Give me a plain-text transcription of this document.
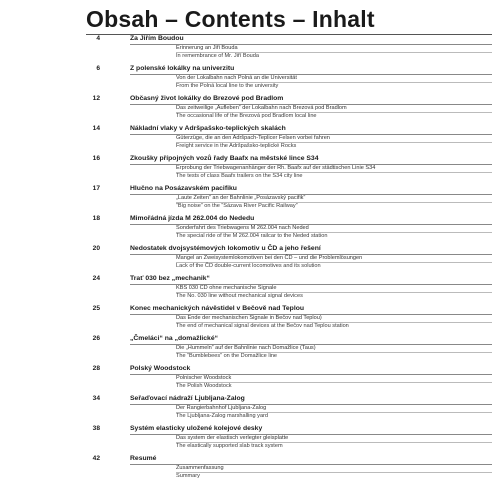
Obsah – Contents – Inhalt
4	Za Jiřím Boudou
Erinnerung an Jiři Bouda
In remembrance of Mr. Jiří Bouda
6	Z polenské lokálky na univerzitu
Von der Lokalbahn nach Polná an die Universität
From the Polná local line to the university
12	Občasný život lokálky do Brezové pod Bradlom
Das zeitweilige „Aufleben“ der Lokalbahn nach Brezová pod Bradlom
The occasional life of the Brezová pod Bradlom local line
14	Nákladní vlaky v Adršpašsko-teplických skalách
Güterzüge, die an den Adršpach-Teplicer Felsen vorbei fahren
Freight service in the Adršpašsko-teplické Rocks
16	Zkoušky přípojných vozů řady Baafx na městské lince S34
Erprobung der Triebwagenanhänger der Rh. Baafx auf der städtischen Linie S34
The tests of class Baafx trailers on the S34 city line
17	Hlučno na Posázavském pacifiku
„Laute Zeiten“ an der Bahnlinie „Posázavský pacifik“
“Big noise” on the “Sázava River Pacific Railway”
18	Mimořádná jízda M 262.004 do Nededu
Sonderfahrt des Triebwagens M 262.004 nach Neded
The special ride of the M 262.004 railcar to the Neded station
20	Nedostatek dvojsystémových lokomotiv u ČD a jeho řešení
Mangel an Zweisystemlokomotiven bei den ČD – und die Problemlösungen
Lack of the ČD double-current locomotives and its solution
24	Trať 030 bez „mechanik“
KBS 030 CD ohne mechanische Signale
The No. 030 line without mechanical signal devices
25	Konec mechanických návěstidel v Bečově nad Teplou
Das Ende der mechanischen Signale in Bečov nad Teplou)
The end of mechanical signal devices at the Bečov nad Teplou station
26	„Čmeláci“ na „domažlické“
Die „Hummeln“ auf der Bahnlinie nach Domažlice (Taus)
The “Bumblebees” on the Domažlice line
28	Polský Woodstock
Polnischer Woodstock
The Polish Woodstock
34	Seřaďovací nádraží Ljubljana-Zalog
Der Rangierbahnhof Ljubljana-Zalog
The Ljubljana-Zalog marshalling yard
38	Systém elasticky uložené kolejové desky
Das system der elastisch verlegter gleisplatte
The elastically supported slab track system
42	Resumé
Zusammenfassung
Summary
